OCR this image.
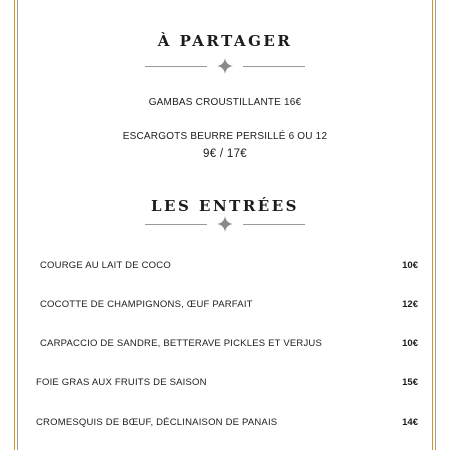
À PARTAGER
GAMBAS CROUSTILLANTE 16€
ESCARGOTS BEURRE PERSILLÉ 6 OU 12
9€ / 17€
LES ENTRÉES
COURGE AU LAIT DE COCO	10€
COCOTTE DE CHAMPIGNONS, ŒUF PARFAIT	12€
CARPACCIO DE SANDRE, BETTERAVE PICKLES ET VERJUS	10€
FOIE GRAS AUX FRUITS DE SAISON	15€
CROMESQUIS DE BŒUF, DÉCLINAISON DE PANAIS	14€
